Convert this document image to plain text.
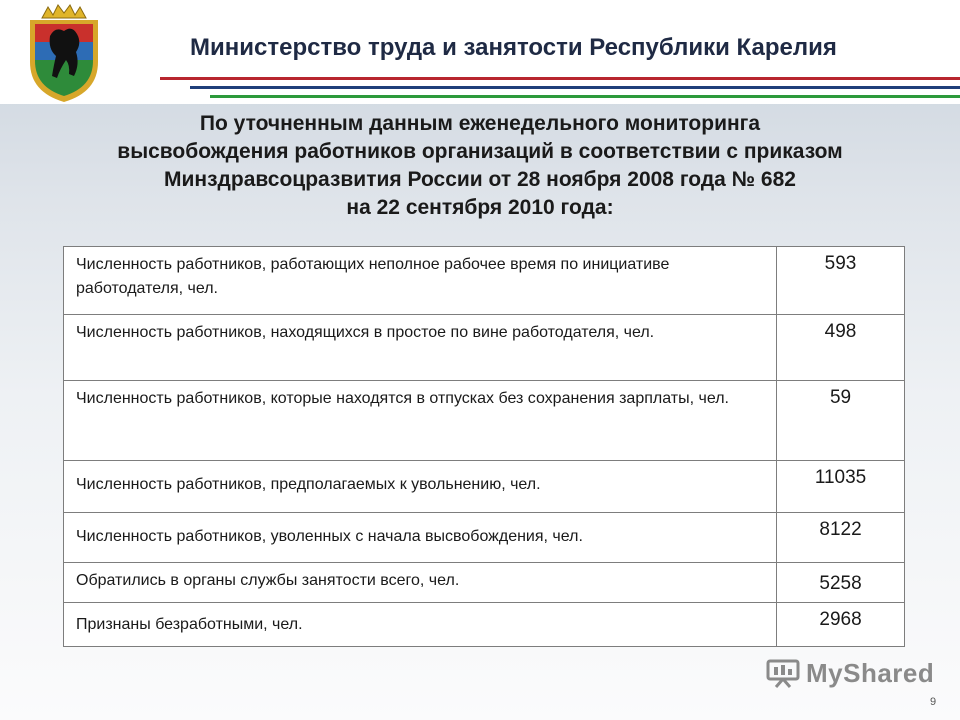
Министерство труда и занятости Республики Карелия
По уточненным данным еженедельного мониторинга
высвобождения работников организаций в соответствии с приказом
Минздравсоцразвития России от 28 ноября 2008 года № 682
на 22 сентября 2010 года:
Численность работников, работающих неполное рабочее время по инициативе работодателя, чел.	593
Численность работников, находящихся в простое по вине работодателя, чел.	498
Численность работников, которые находятся в отпусках без сохранения зарплаты, чел.	59
Численность работников, предполагаемых к увольнению, чел.	11035
Численность работников, уволенных с начала высвобождения, чел.	8122
Обратились в органы службы занятости всего, чел.	5258
Признаны безработными, чел.	2968
MyShared
9
